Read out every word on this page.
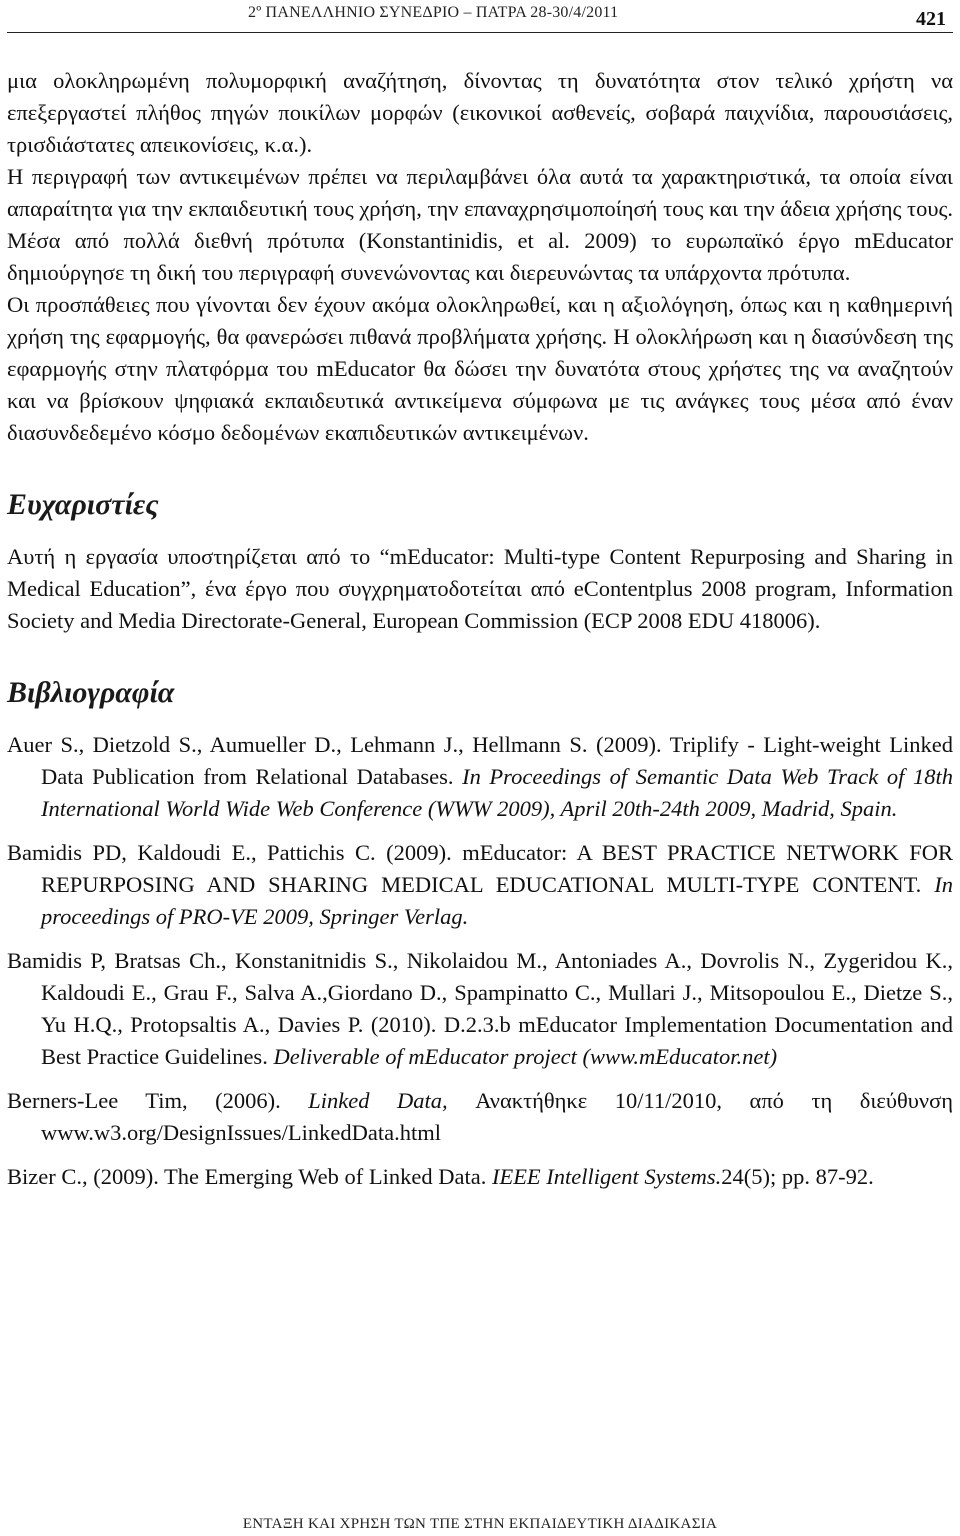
2º ΠΑΝΕΛΛΗΝΙΟ ΣΥΝΕΔΡΙΟ – ΠΑΤΡΑ 28-30/4/2011	421

μια ολοκληρωμένη πολυμορφική αναζήτηση, δίνοντας τη δυνατότητα στον τελικό χρήστη να επεξεργαστεί πλήθος πηγών ποικίλων μορφών (εικονικοί ασθενείς, σοβαρά παιχνίδια, παρουσιάσεις, τρισδιάστατες απεικονίσεις, κ.α.).

Η περιγραφή των αντικειμένων πρέπει να περιλαμβάνει όλα αυτά τα χαρακτηριστικά, τα οποία είναι απαραίτητα για την εκπαιδευτική τους χρήση, την επαναχρησιμοποίησή τους και την άδεια χρήσης τους. Μέσα από πολλά διεθνή πρότυπα (Konstantinidis, et al. 2009) το ευρωπαϊκό έργο mEducator δημιούργησε τη δική του περιγραφή συνενώνοντας και διερευνώντας τα υπάρχοντα πρότυπα.

Οι προσπάθειες που γίνονται δεν έχουν ακόμα ολοκληρωθεί, και η αξιολόγηση, όπως και η καθημερινή χρήση της εφαρμογής, θα φανερώσει πιθανά προβλήματα χρήσης. Η ολοκλήρωση και η διασύνδεση της εφαρμογής στην πλατφόρμα του mEducator θα δώσει την δυνατότα στους χρήστες της να αναζητούν και να βρίσκουν ψηφιακά εκπαιδευτικά αντικείμενα σύμφωνα με τις ανάγκες τους μέσα από έναν διασυνδεδεμένο κόσμο δεδομένων εκαπιδευτικών αντικειμένων.

Ευχαριστίες

Αυτή η εργασία υποστηρίζεται από το “mEducator: Multi-type Content Repurposing and Sharing in Medical Education”, ένα έργο που συγχρηματοδοτείται από eContentplus 2008 program, Information Society and Media Directorate-General, European Commission (ECP 2008 EDU 418006).

Βιβλιογραφία
Auer S., Dietzold S., Aumueller D., Lehmann J., Hellmann S. (2009). Triplify - Light-weight Linked Data Publication from Relational Databases. In Proceedings of Semantic Data Web Track of 18th International World Wide Web Conference (WWW 2009), April 20th-24th 2009, Madrid, Spain.
Bamidis PD, Kaldoudi E., Pattichis C. (2009). mEducator: A BEST PRACTICE NETWORK FOR REPURPOSING AND SHARING MEDICAL EDUCATIONAL MULTI-TYPE CONTENT. In proceedings of PRO-VE 2009, Springer Verlag.
Bamidis P, Bratsas Ch., Konstanitnidis S., Nikolaidou M., Antoniades A., Dovrolis N., Zygeridou K., Kaldoudi E., Grau F., Salva A.,Giordano D., Spampinatto C., Mullari J., Mitsopoulou E., Dietze S., Yu H.Q., Protopsaltis A., Davies P. (2010). D.2.3.b mEducator Implementation Documentation and Best Practice Guidelines. Deliverable of mEducator project (www.mEducator.net)
Berners-Lee Tim, (2006). Linked Data, Ανακτήθηκε 10/11/2010, από τη διεύθυνση www.w3.org/DesignIssues/LinkedData.html
Bizer C., (2009). The Emerging Web of Linked Data. IEEE Intelligent Systems.24(5); pp. 87-92.
ΕΝΤΑΞΗ ΚΑΙ ΧΡΗΣΗ ΤΩΝ ΤΠΕ ΣΤΗΝ ΕΚΠΑΙΔΕΥΤΙΚΗ ΔΙΑΔΙΚΑΣΙΑ
